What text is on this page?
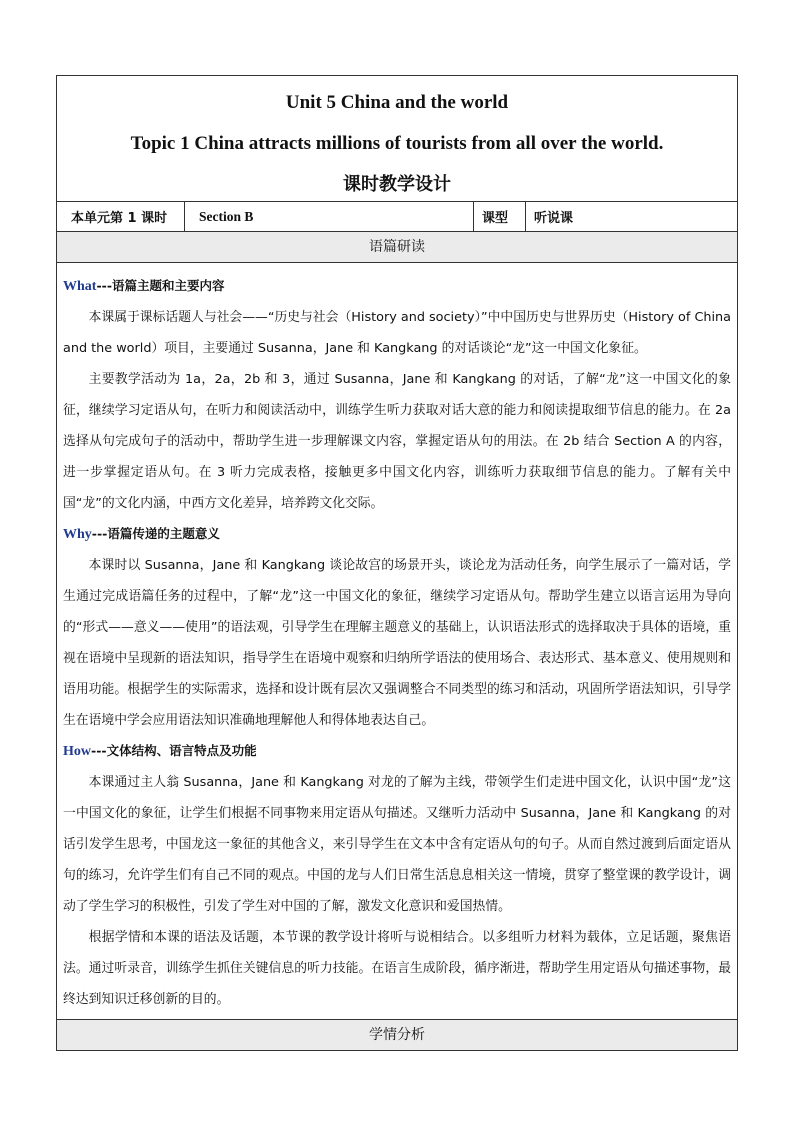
Unit 5 China and the world
Topic 1 China attracts millions of tourists from all over the world.
课时教学设计
本单元第 1 课时 Section B	课型 听说课
语篇研读
What---语篇主题和主要内容

本课属于课标话题人与社会——“历史与社会（History and society）”中中国历史与世界历史（History of China and the world）项目，主要通过 Susanna，Jane 和 Kangkang 的对话谈论“龙”这一中国文化象征。

主要教学活动为 1a，2a，2b 和 3，通过 Susanna，Jane 和 Kangkang 的对话，了解“龙”这一中国文化的象征，继续学习定语从句，在听力和阅读活动中，训练学生听力获取对话大意的能力和阅读提取细节信息的能力。在 2a 选择从句完成句子的活动中，帮助学生进一步理解课文内容，掌握定语从句的用法。在 2b 结合 Section A 的内容，进一步掌握定语从句。在 3 听力完成表格，接触更多中国文化内容，训练听力获取细节信息的能力。了解有关中国“龙”的文化内涵，中西方文化差异，培养跨文化交际。

Why---语篇传递的主题意义

本课时以 Susanna，Jane 和 Kangkang 谈论故宫的场景开头，谈论龙为活动任务，向学生展示了一篇对话，学生通过完成语篇任务的过程中，了解“龙”这一中国文化的象征，继续学习定语从句。帮助学生建立以语言运用为导向的“形式——意义——使用”的语法观，引导学生在理解主题意义的基础上，认识语法形式的选择取决于具体的语境，重视在语境中呈现新的语法知识，指导学生在语境中观察和归纳所学语法的使用场合、表达形式、基本意义、使用规则和语用功能。根据学生的实际需求，选择和设计既有层次又强调整合不同类型的练习和活动，巩固所学语法知识，引导学生在语境中学会应用语法知识准确地理解他人和得体地表达自己。

How---文体结构、语言特点及功能

本课通过主人翁 Susanna，Jane 和 Kangkang 对龙的了解为主线，带领学生们走进中国文化，认识中国“龙”这一中国文化的象征，让学生们根据不同事物来用定语从句描述。又继听力活动中 Susanna，Jane 和 Kangkang 的对话引发学生思考，中国龙这一象征的其他含义，来引导学生在文本中含有定语从句的句子。从而自然过渡到后面定语从句的练习，允许学生们有自己不同的观点。中国的龙与人们日常生活息息相关这一情境，贯穿了整堂课的教学设计，调动了学生学习的积极性，引发了学生对中国的了解，激发文化意识和爱国热情。

根据学情和本课的语法及话题，本节课的教学设计将听与说相结合。以多组听力材料为载体，立足话题，聚焦语法。通过听录音，训练学生抓住关键信息的听力技能。在语言生成阶段，循序渐进，帮助学生用定语从句描述事物，最终达到知识迁移创新的目的。

学情分析
